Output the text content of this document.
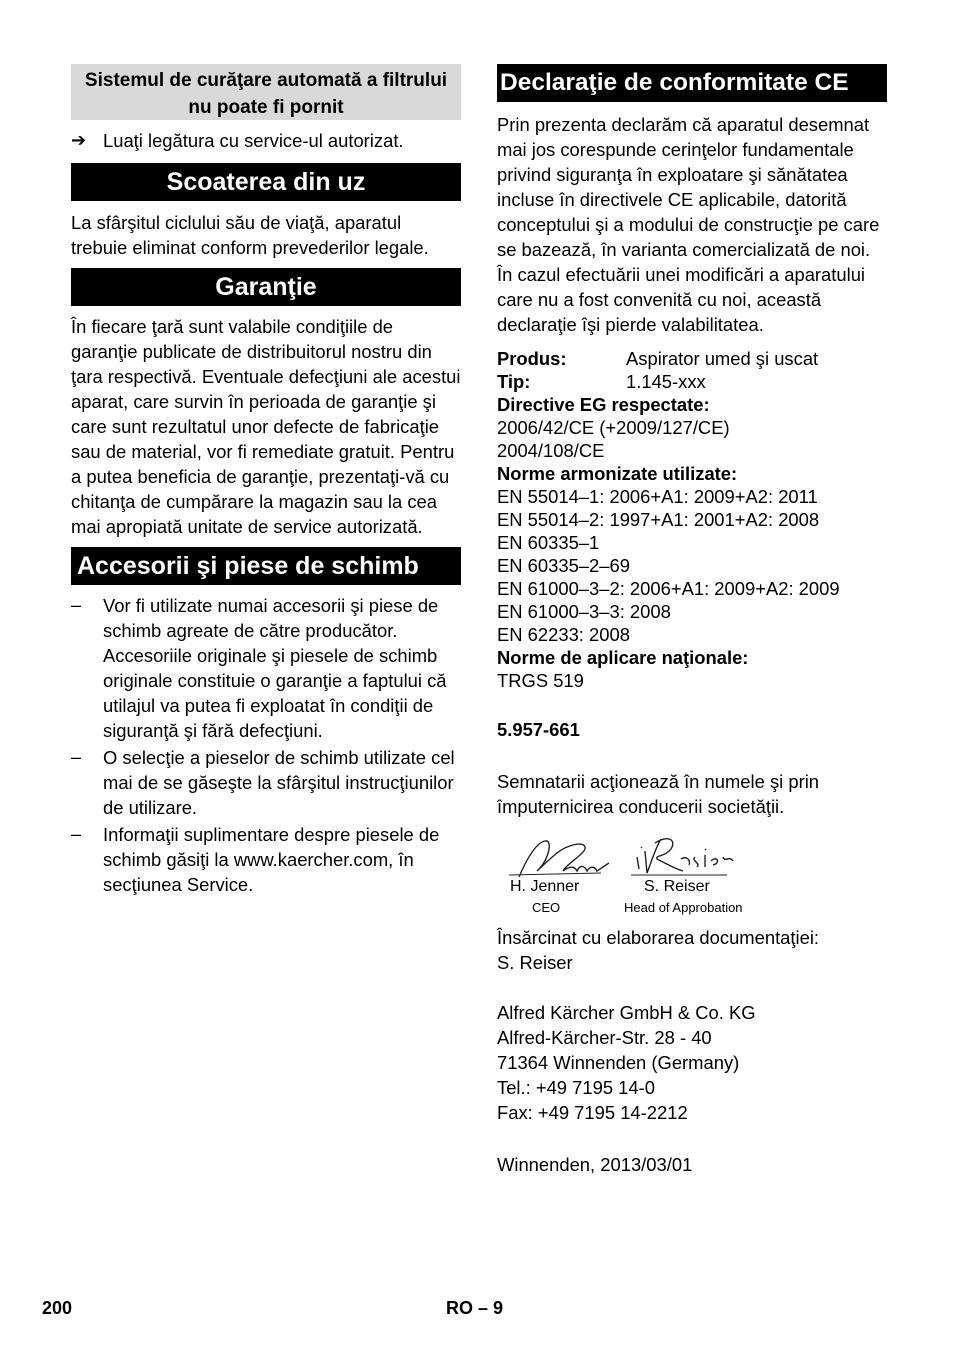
Sistemul de curăţare automată a filtrului nu poate fi pornit
➔ Luaţi legătura cu service-ul autorizat.
Scoaterea din uz

La sfârşitul ciclului său de viaţă, aparatul trebuie eliminat conform prevederilor legale.

Garanţie

În fiecare ţară sunt valabile condiţiile de garanţie publicate de distribuitorul nostru din ţara respectivă. Eventuale defecţiuni ale acestui aparat, care survin în perioada de garanţie şi care sunt rezultatul unor defecte de fabricaţie sau de material, vor fi remediate gratuit. Pentru a putea beneficia de garanţie, prezentaţi-vă cu chitanţa de cumpărare la magazin sau la cea mai apropiată unitate de service autorizată.

Accesorii şi piese de schimb
–	Vor fi utilizate numai accesorii şi piese de schimb agreate de către producător. Accesoriile originale şi piesele de schimb originale constituie o garanţie a faptului că utilajul va putea fi exploatat în condiţii de siguranţă şi fără defecţiuni.
–	O selecţie a pieselor de schimb utilizate cel mai de se găseşte la sfârşitul instrucţiunilor de utilizare.
–	Informaţii suplimentare despre piesele de schimb găsiţi la www.kaercher.com, în secţiunea Service.
Declaraţie de conformitate CE

Prin prezenta declarăm că aparatul desemnat mai jos corespunde cerinţelor fundamentale privind siguranţa în exploatare şi sănătatea incluse în directivele CE aplicabile, datorită conceptului şi a modului de construcţie pe care se bazează, în varianta comercializată de noi. În cazul efectuării unei modificări a aparatului care nu a fost convenită cu noi, această declaraţie îşi pierde valabilitatea.

Produs:	Aspirator umed şi uscat
Tip:	1.145-xxx
Directive EG respectate:
2006/42/CE (+2009/127/CE)
2004/108/CE
Norme armonizate utilizate:
EN 55014–1: 2006+A1: 2009+A2: 2011
EN 55014–2: 1997+A1: 2001+A2: 2008
EN 60335–1
EN 60335–2–69
EN 61000–3–2: 2006+A1: 2009+A2: 2009
EN 61000–3–3: 2008
EN 62233: 2008
Norme de aplicare naţionale:
TRGS 519
5.957-661

Semnatarii acţionează în numele şi prin împuternicirea conducerii societăţii.

H. Jenner
CEO
S. Reiser
Head of Approbation
Însărcinat cu elaborarea documentaţiei:
S. Reiser
Alfred Kärcher GmbH & Co. KG
Alfred-Kärcher-Str. 28 - 40
71364 Winnenden (Germany)
Tel.: +49 7195 14-0
Fax: +49 7195 14-2212
Winnenden, 2013/03/01
200	RO – 9
